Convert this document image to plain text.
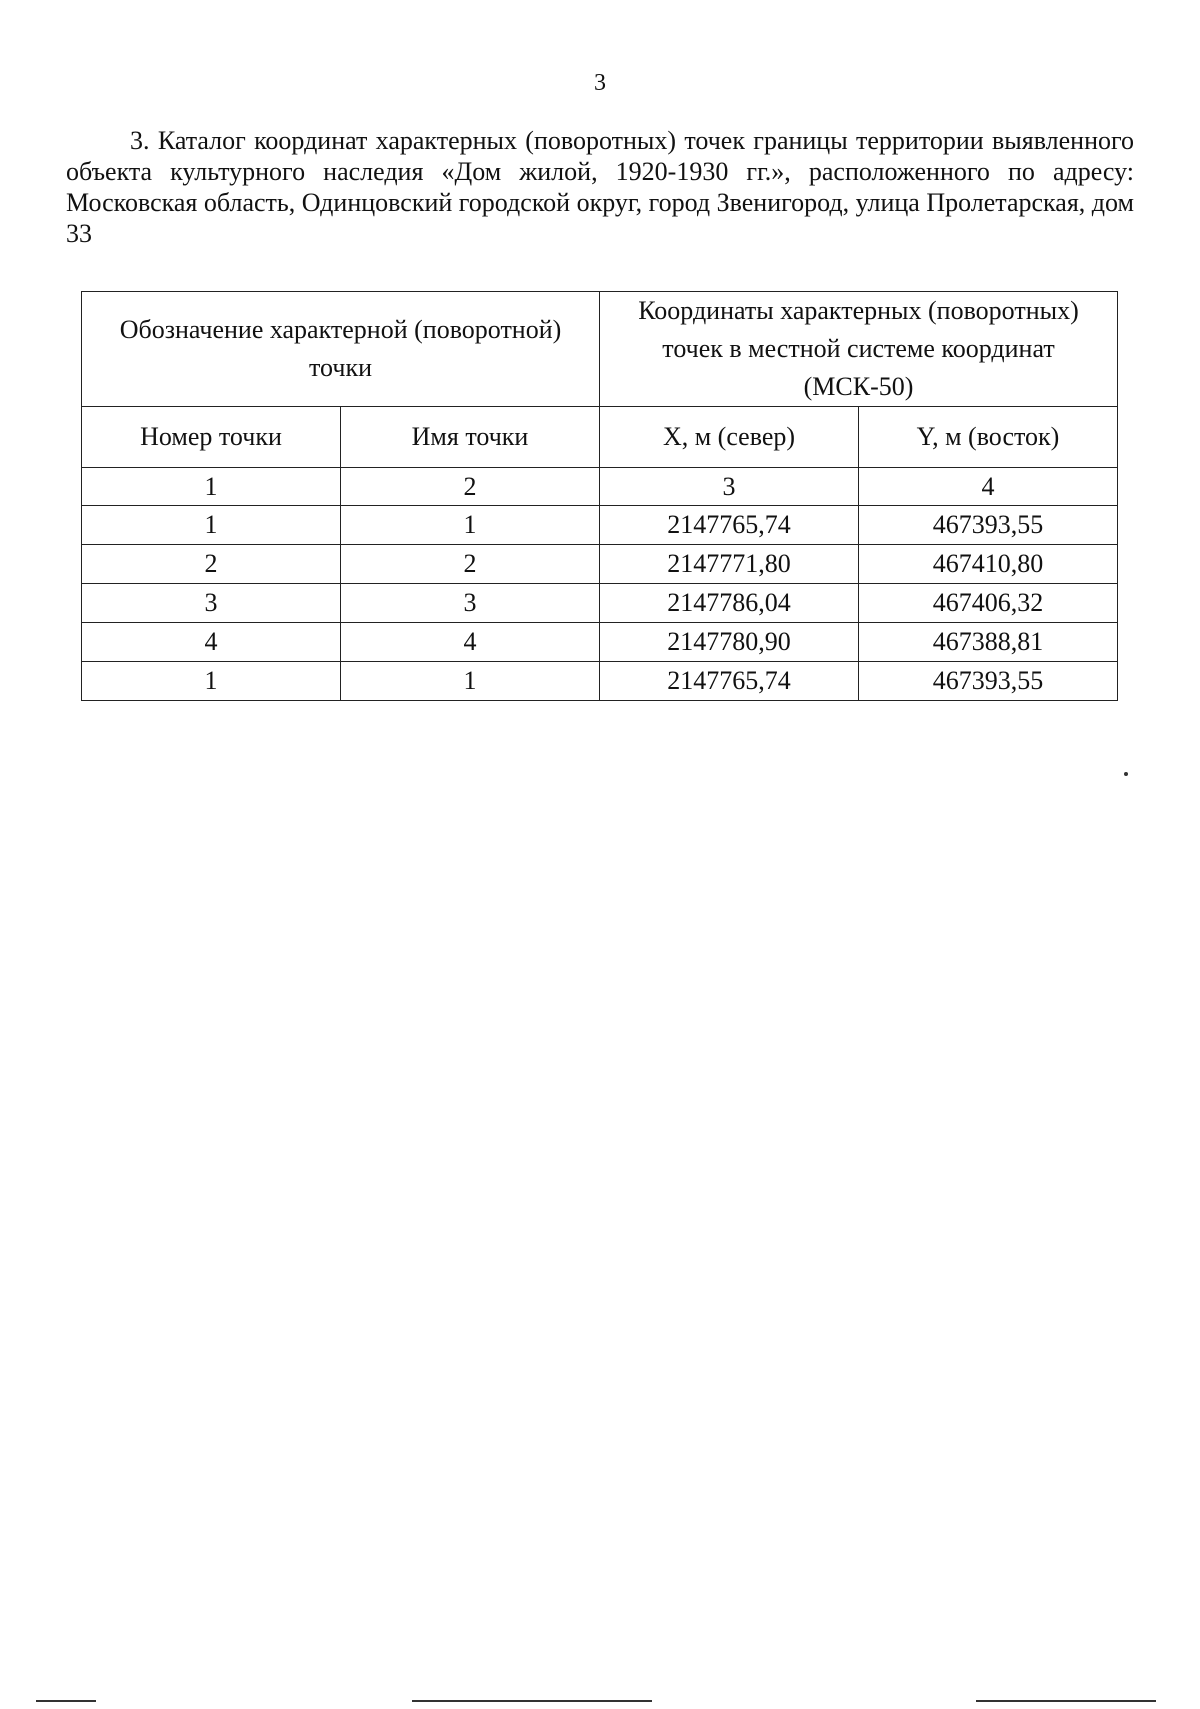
3

3. Каталог координат характерных (поворотных) точек границы территории выявленного объекта культурного наследия «Дом жилой, 1920-1930 гг.», расположенного по адресу: Московская область, Одинцовский городской округ, город Звенигород, улица Пролетарская, дом 33

Обозначение характерной (поворотной) точки		Координаты характерных (поворотных) точек в местной системе координат (МСК-50)	
Номер точки	Имя точки	X, м (север)	Y, м (восток)
1	2	3	4
1	1	2147765,74	467393,55
2	2	2147771,80	467410,80
3	3	2147786,04	467406,32
4	4	2147780,90	467388,81
1	1	2147765,74	467393,55
